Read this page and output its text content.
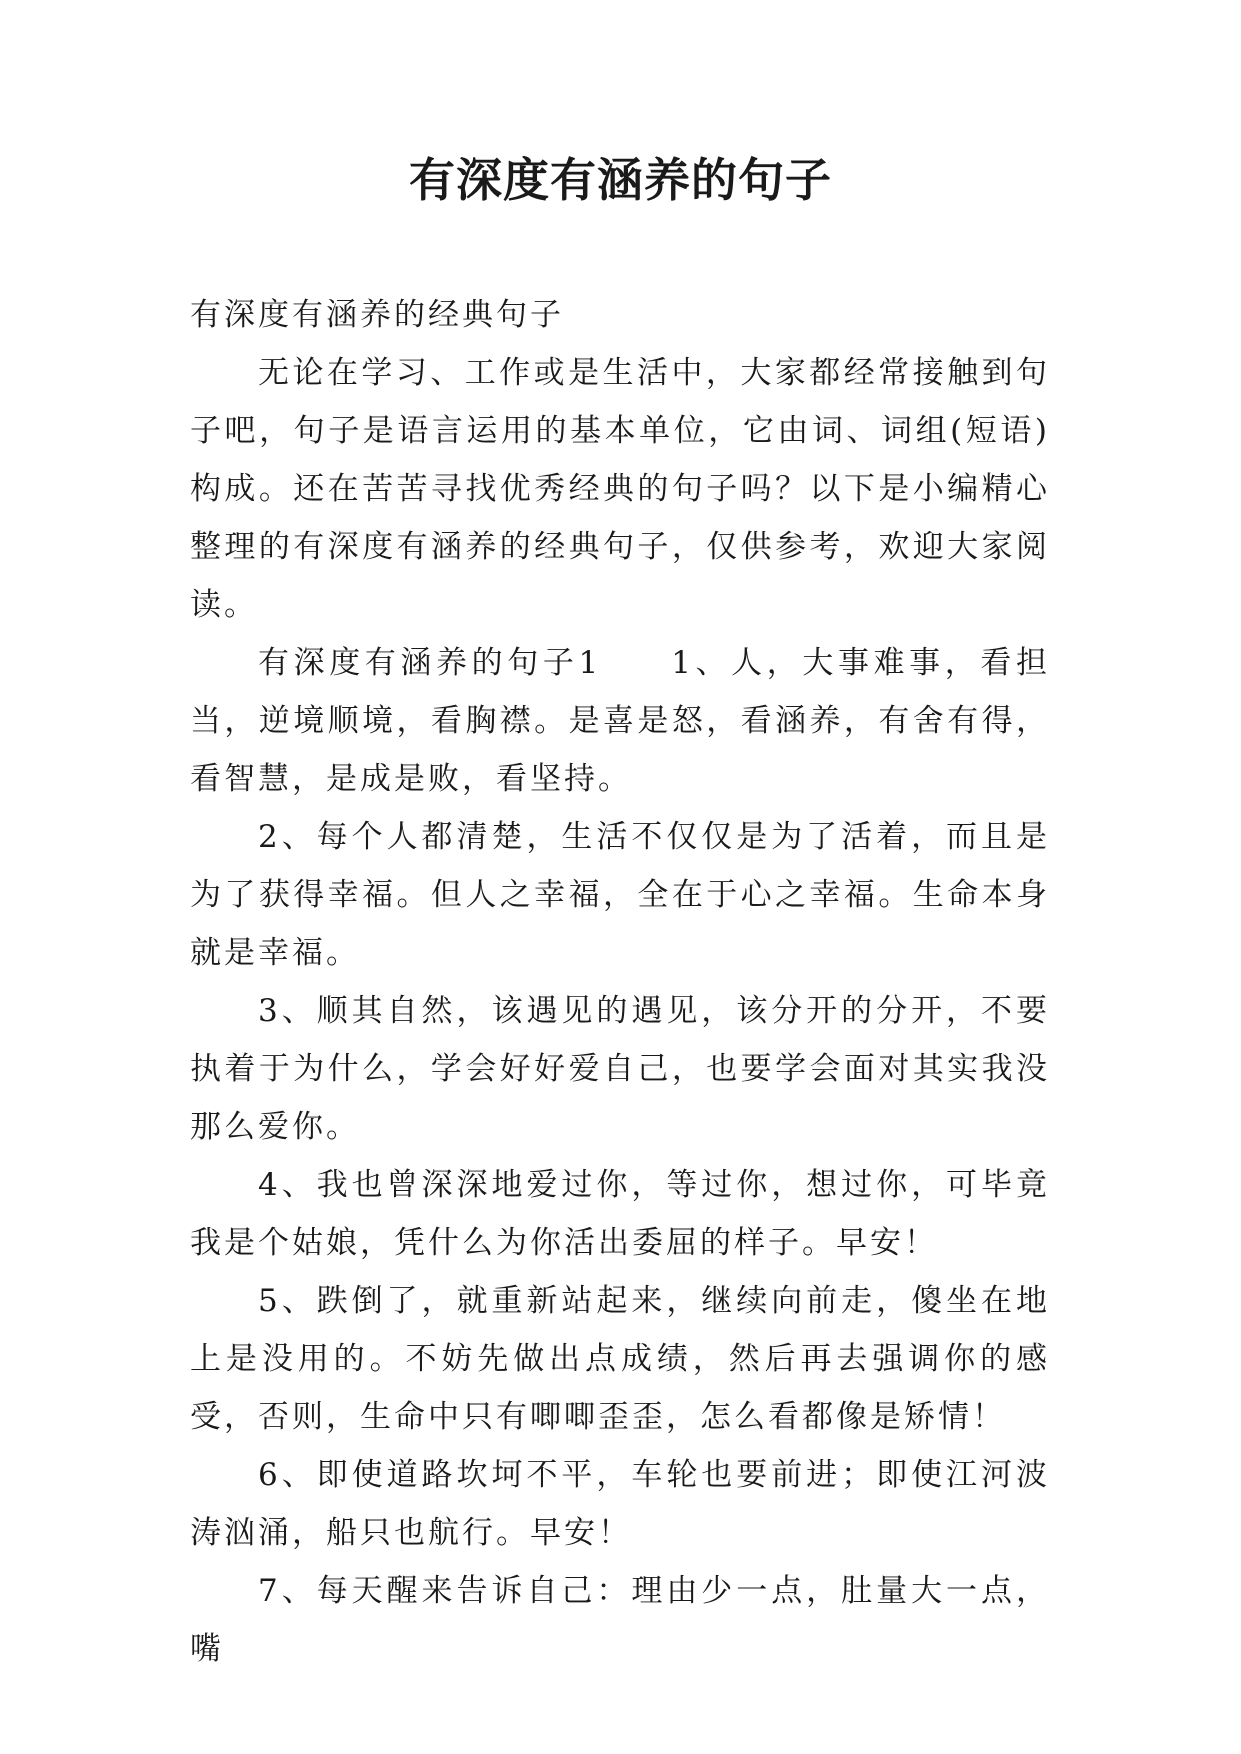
有深度有涵养的句子

有深度有涵养的经典句子

无论在学习、工作或是生活中，大家都经常接触到句子吧，句子是语言运用的基本单位，它由词、词组(短语)构成。还在苦苦寻找优秀经典的句子吗？以下是小编精心整理的有深度有涵养的经典句子，仅供参考，欢迎大家阅读。

有深度有涵养的句子1 1、人，大事难事，看担当，逆境顺境，看胸襟。是喜是怒，看涵养，有舍有得，看智慧，是成是败，看坚持。

2、每个人都清楚，生活不仅仅是为了活着，而且是为了获得幸福。但人之幸福，全在于心之幸福。生命本身就是幸福。

3、顺其自然，该遇见的遇见，该分开的分开，不要执着于为什么，学会好好爱自己，也要学会面对其实我没那么爱你。

4、我也曾深深地爱过你，等过你，想过你，可毕竟我是个姑娘，凭什么为你活出委屈的样子。早安！

5、跌倒了，就重新站起来，继续向前走，傻坐在地上是没用的。不妨先做出点成绩，然后再去强调你的感受，否则，生命中只有唧唧歪歪，怎么看都像是矫情！

6、即使道路坎坷不平，车轮也要前进；即使江河波涛汹涌，船只也航行。早安！

7、每天醒来告诉自己：理由少一点，肚量大一点，嘴
